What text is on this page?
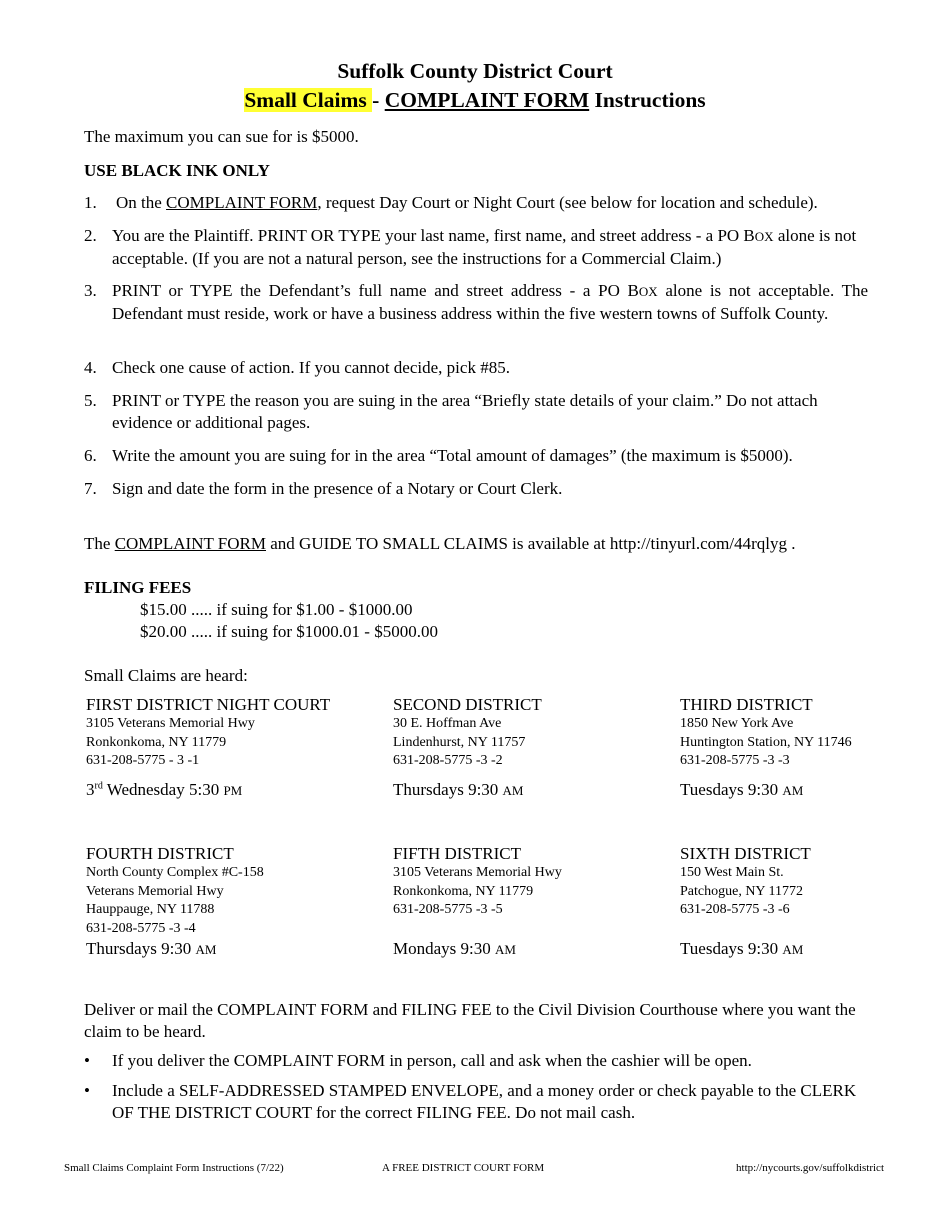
Suffolk County District Court
Small Claims - COMPLAINT FORM Instructions
The maximum you can sue for is $5000.
USE BLACK INK ONLY
1. On the COMPLAINT FORM, request Day Court or Night Court (see below for location and schedule).
2. You are the Plaintiff. PRINT OR TYPE your last name, first name, and street address - a PO BOX alone is not acceptable. (If you are not a natural person, see the instructions for a Commercial Claim.)
3. PRINT or TYPE the Defendant’s full name and street address - a PO BOX alone is not acceptable. The Defendant must reside, work or have a business address within the five western towns of Suffolk County.
4. Check one cause of action. If you cannot decide, pick #85.
5. PRINT or TYPE the reason you are suing in the area “Briefly state details of your claim.” Do not attach evidence or additional pages.
6. Write the amount you are suing for in the area “Total amount of damages” (the maximum is $5000).
7. Sign and date the form in the presence of a Notary or Court Clerk.
The COMPLAINT FORM and GUIDE TO SMALL CLAIMS is available at http://tinyurl.com/44rqlyg .
FILING FEES
$15.00 ..... if suing for $1.00 - $1000.00
$20.00 ..... if suing for $1000.01 - $5000.00
Small Claims are heard:
FIRST DISTRICT NIGHT COURT
3105 Veterans Memorial Hwy
Ronkonkoma, NY 11779
631-208-5775 - 3 -1
3rd Wednesday 5:30 PM
SECOND DISTRICT
30 E. Hoffman Ave
Lindenhurst, NY 11757
631-208-5775 -3 -2
Thursdays 9:30 AM
THIRD DISTRICT
1850 New York Ave
Huntington Station, NY 11746
631-208-5775 -3 -3
Tuesdays 9:30 AM
FOURTH DISTRICT
North County Complex #C-158
Veterans Memorial Hwy
Hauppauge, NY 11788
631-208-5775 -3 -4
Thursdays 9:30 AM
FIFTH DISTRICT
3105 Veterans Memorial Hwy
Ronkonkoma, NY 11779
631-208-5775 -3 -5
Mondays 9:30 AM
SIXTH DISTRICT
150 West Main St.
Patchogue, NY 11772
631-208-5775 -3 -6
Tuesdays 9:30 AM
Deliver or mail the COMPLAINT FORM and FILING FEE to the Civil Division Courthouse where you want the claim to be heard.
• If you deliver the COMPLAINT FORM in person, call and ask when the cashier will be open.
• Include a SELF-ADDRESSED STAMPED ENVELOPE, and a money order or check payable to the CLERK OF THE DISTRICT COURT for the correct FILING FEE. Do not mail cash.
Small Claims Complaint Form Instructions (7/22)	A FREE DISTRICT COURT FORM	http://nycourts.gov/suffolkdistrict
